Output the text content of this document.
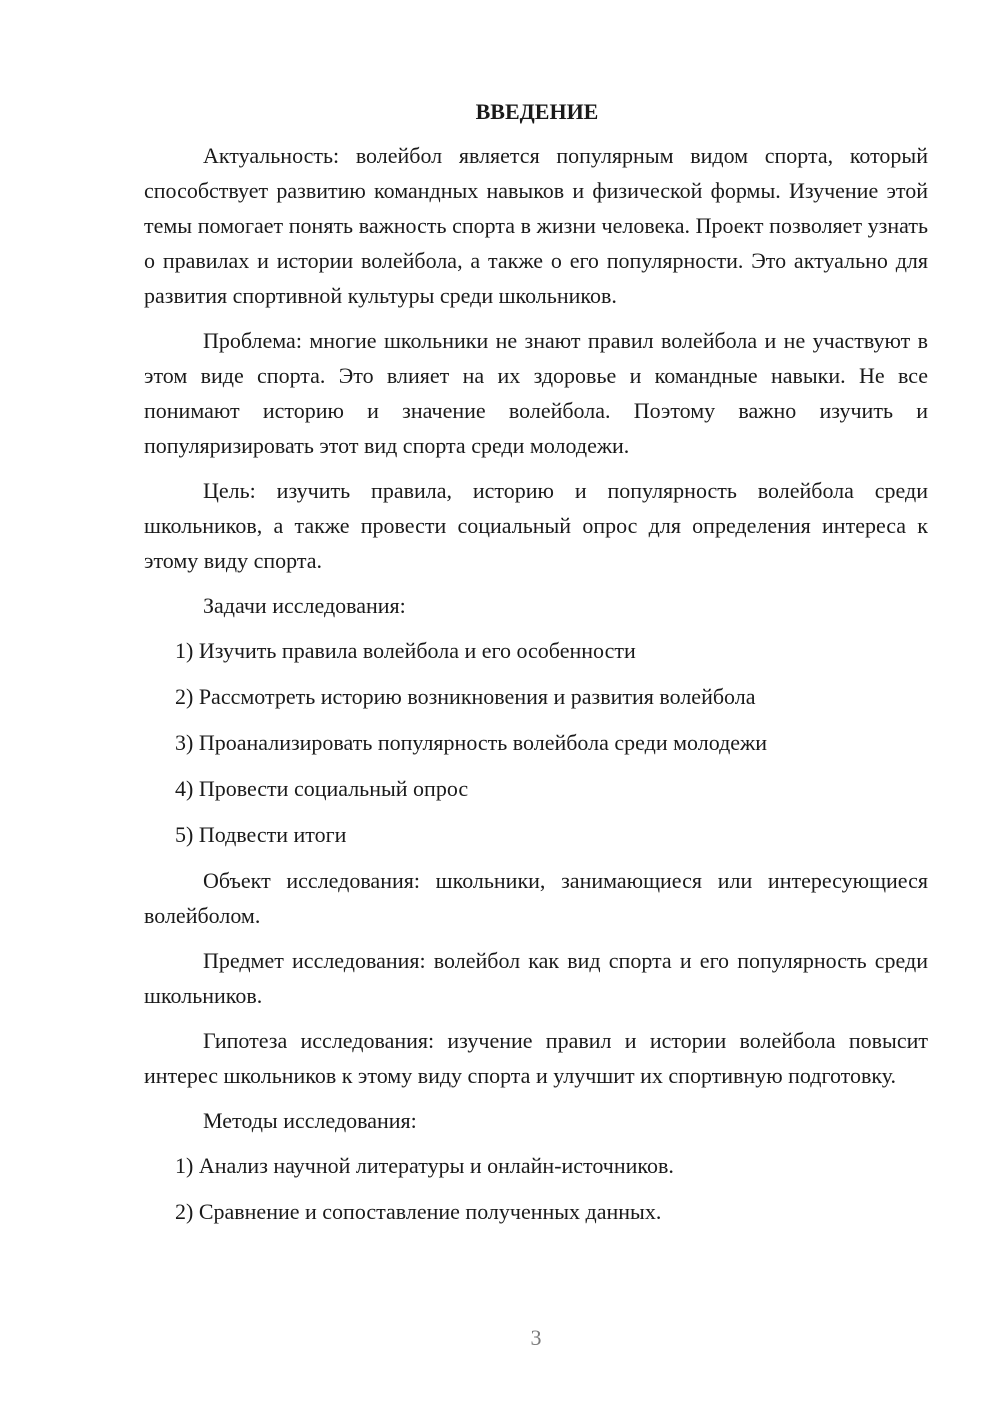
ВВЕДЕНИЕ

Актуальность: волейбол является популярным видом спорта, который способствует развитию командных навыков и физической формы. Изучение этой темы помогает понять важность спорта в жизни человека. Проект позволяет узнать о правилах и истории волейбола, а также о его популярности. Это актуально для развития спортивной культуры среди школьников.

Проблема: многие школьники не знают правил волейбола и не участвуют в этом виде спорта. Это влияет на их здоровье и командные навыки. Не все понимают историю и значение волейбола. Поэтому важно изучить и популяризировать этот вид спорта среди молодежи.

Цель: изучить правила, историю и популярность волейбола среди школьников, а также провести социальный опрос для определения интереса к этому виду спорта.

Задачи исследования:

1) Изучить правила волейбола и его особенности

2) Рассмотреть историю возникновения и развития волейбола

3) Проанализировать популярность волейбола среди молодежи

4) Провести социальный опрос

5) Подвести итоги

Объект исследования: школьники, занимающиеся или интересующиеся волейболом.

Предмет исследования: волейбол как вид спорта и его популярность среди школьников.

Гипотеза исследования: изучение правил и истории волейбола повысит интерес школьников к этому виду спорта и улучшит их спортивную подготовку.

Методы исследования:

1) Анализ научной литературы и онлайн-источников.

2) Сравнение и сопоставление полученных данных.

3
